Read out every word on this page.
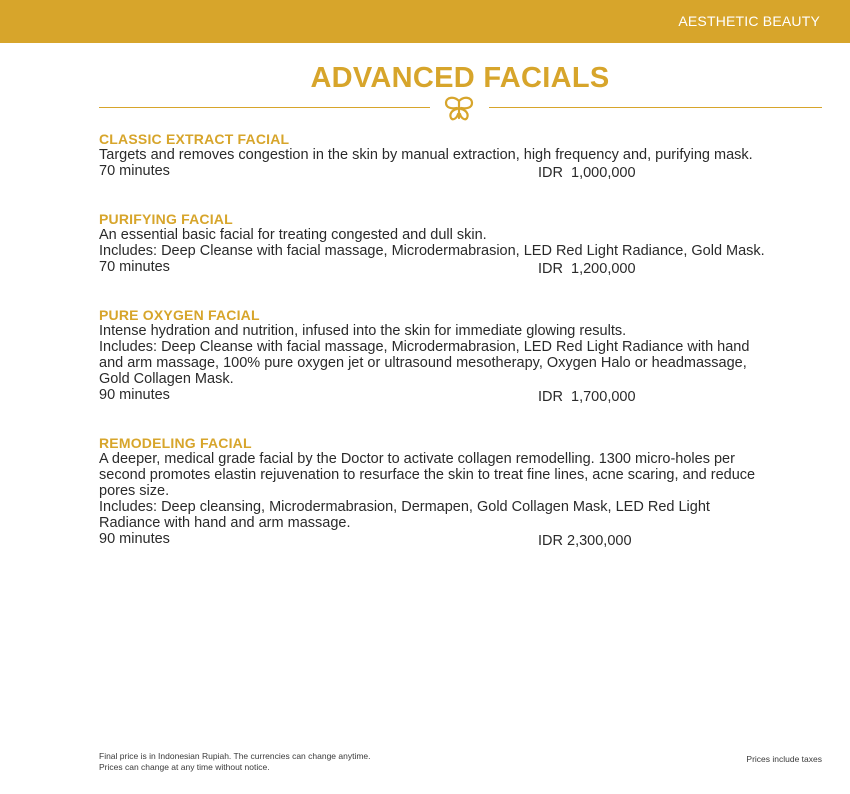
AESTHETIC BEAUTY
ADVANCED FACIALS
CLASSIC EXTRACT FACIAL
Targets and removes congestion in the skin by manual extraction, high frequency and, purifying mask.
70 minutes	IDR  1,000,000
PURIFYING FACIAL
An essential basic facial for treating congested and dull skin.
Includes: Deep Cleanse with facial massage, Microdermabrasion, LED Red Light Radiance, Gold Mask.
70 minutes	IDR  1,200,000
PURE OXYGEN FACIAL
Intense hydration and nutrition, infused into the skin for immediate glowing results.
Includes: Deep Cleanse with facial massage, Microdermabrasion, LED Red Light Radiance with hand
and arm massage, 100% pure oxygen jet or ultrasound mesotherapy, Oxygen Halo or headmassage,
Gold Collagen Mask.
90 minutes	IDR  1,700,000
REMODELING FACIAL
A deeper, medical grade facial by the Doctor to activate collagen remodelling. 1300 micro-holes per
second promotes elastin rejuvenation to resurface the skin to treat fine lines, acne scaring, and reduce
pores size.
Includes: Deep cleansing, Microdermabrasion, Dermapen, Gold Collagen Mask, LED Red Light
Radiance with hand and arm massage.
90 minutes	IDR 2,300,000
Final price is in Indonesian Rupiah. The currencies can change anytime.
Prices can change at any time without notice.
Prices include taxes
